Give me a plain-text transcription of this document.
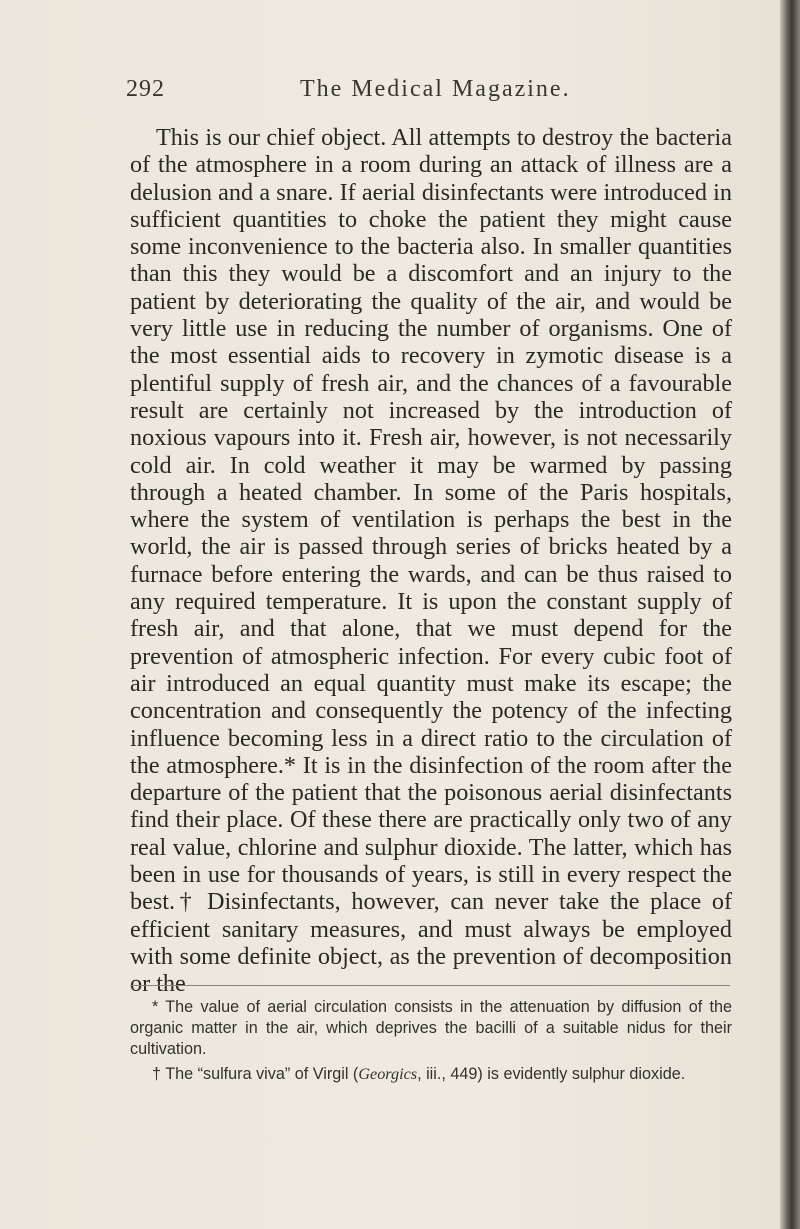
292	The Medical Magazine.

This is our chief object. All attempts to destroy the bacteria of the atmosphere in a room during an attack of illness are a delusion and a snare. If aerial disinfectants were introduced in sufficient quantities to choke the patient they might cause some inconvenience to the bacteria also. In smaller quantities than this they would be a discomfort and an injury to the patient by deteriorating the quality of the air, and would be very little use in reducing the number of organisms. One of the most essential aids to recovery in zymotic disease is a plentiful supply of fresh air, and the chances of a favourable result are certainly not increased by the introduction of noxious vapours into it. Fresh air, however, is not necessarily cold air. In cold weather it may be warmed by passing through a heated chamber. In some of the Paris hospitals, where the system of ventilation is perhaps the best in the world, the air is passed through series of bricks heated by a furnace before entering the wards, and can be thus raised to any required temperature. It is upon the constant supply of fresh air, and that alone, that we must depend for the prevention of atmospheric infection. For every cubic foot of air introduced an equal quantity must make its escape; the concentration and consequently the potency of the infecting influence becoming less in a direct ratio to the circulation of the atmosphere.* It is in the disinfection of the room after the departure of the patient that the poisonous aerial disinfectants find their place. Of these there are practically only two of any real value, chlorine and sulphur dioxide. The latter, which has been in use for thousands of years, is still in every respect the best.† Disinfectants, however, can never take the place of efficient sanitary measures, and must always be employed with some definite object, as the prevention of decomposition or the

* The value of aerial circulation consists in the attenuation by diffusion of the organic matter in the air, which deprives the bacilli of a suitable nidus for their cultivation.

† The “sulfura viva” of Virgil (Georgics, iii., 449) is evidently sulphur dioxide.
